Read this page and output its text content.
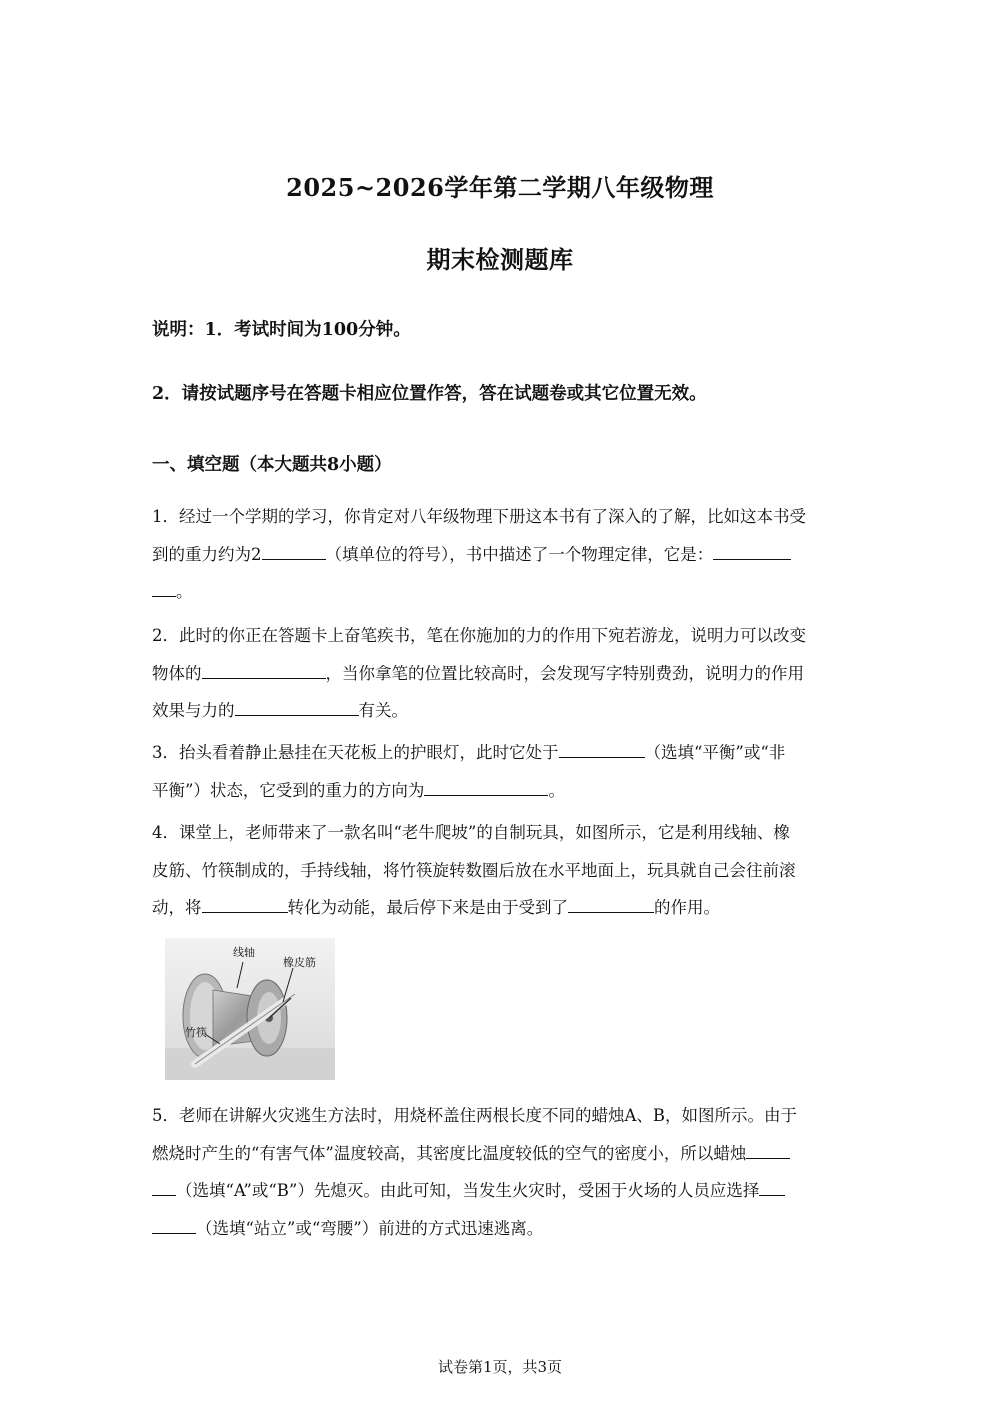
2025~2026学年第二学期八年级物理
期末检测题库
说明：1．考试时间为100分钟。
2．请按试题序号在答题卡相应位置作答，答在试题卷或其它位置无效。
一、填空题（本大题共8小题）
1．经过一个学期的学习，你肯定对八年级物理下册这本书有了深入的了解，比如这本书受
到的重力约为2	（填单位的符号），书中描述了一个物理定律，它是：
。
2．此时的你正在答题卡上奋笔疾书，笔在你施加的力的作用下宛若游龙，说明力可以改变
物体的	，当你拿笔的位置比较高时，会发现写字特别费劲，说明力的作用
效果与力的	有关。
3．抬头看着静止悬挂在天花板上的护眼灯，此时它处于	（选填“平衡”或“非
平衡”）状态，它受到的重力的方向为	。
4．课堂上，老师带来了一款名叫“老牛爬坡”的自制玩具，如图所示，它是利用线轴、橡
皮筋、竹筷制成的，手持线轴，将竹筷旋转数圈后放在水平地面上，玩具就自己会往前滚
动，将	转化为动能，最后停下来是由于受到了	的作用。
线轴
橡皮筋
竹筷
5．老师在讲解火灾逃生方法时，用烧杯盖住两根长度不同的蜡烛A、B，如图所示。由于
燃烧时产生的“有害气体”温度较高，其密度比温度较低的空气的密度小，所以蜡烛
（选填“A”或“B”）先熄灭。由此可知，当发生火灾时，受困于火场的人员应选择
（选填“站立”或“弯腰”）前进的方式迅速逃离。
试卷第1页，共3页
